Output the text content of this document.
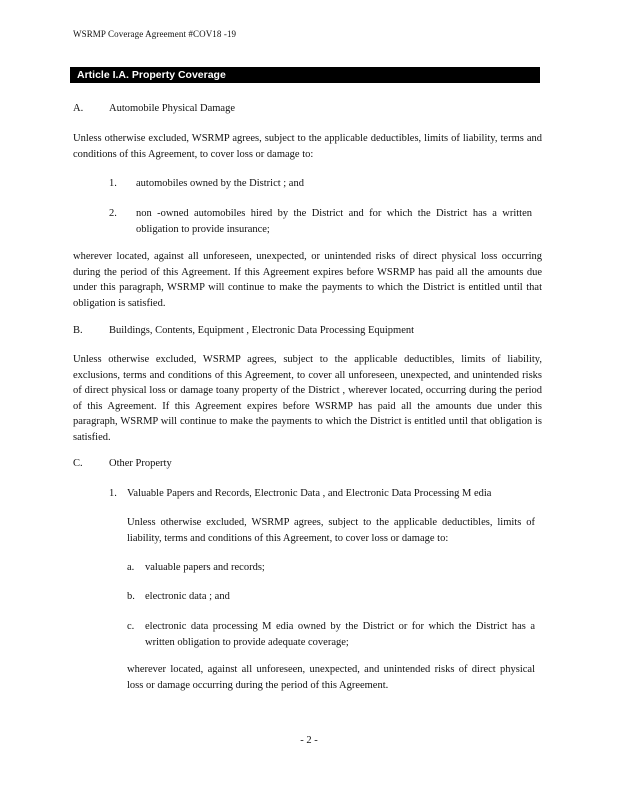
WSRMP Coverage Agreement #COV18 -19
Article I.A. Property Coverage
A. Automobile Physical Damage
Unless otherwise excluded, WSRMP agrees, subject to the applicable deductibles, limits of liability, terms and conditions of this Agreement, to cover loss or damage to:
1. automobiles owned by the District ; and
2. non -owned automobiles hired by the District and for which the District has a written obligation to provide insurance;
wherever located, against all unforeseen, unexpected, or unintended risks of direct physical loss occurring during the period of this Agreement. If this Agreement expires before WSRMP has paid all the amounts due under this paragraph, WSRMP will continue to make the payments to which the District is entitled until that obligation is satisfied.
B.	Buildings, Contents, Equipment , Electronic Data Processing Equipment
Unless otherwise excluded, WSRMP agrees, subject to the applicable deductibles, limits of liability, exclusions, terms and conditions of this Agreement, to cover all unforeseen, unexpected, and unintended risks of direct physical loss or damage toany property of the District , wherever located, occurring during the period of this Agreement. If this Agreement expires before WSRMP has paid all the amounts due under this paragraph, WSRMP will continue to make the payments to which the District is entitled until that obligation is satisfied.
C.	Other Property
1. Valuable Papers and Records, Electronic Data , and Electronic Data Processing M edia
Unless otherwise excluded, WSRMP agrees, subject to the applicable deductibles, limits of liability, terms and conditions of this Agreement, to cover loss or damage to:
a. valuable papers and records;
b. electronic data ; and
c. electronic data processing M edia owned by the District or for which the District has a written obligation to provide adequate coverage;
wherever located, against all unforeseen, unexpected, and unintended risks of direct physical loss or damage occurring during the period of this Agreement.
- 2 -
